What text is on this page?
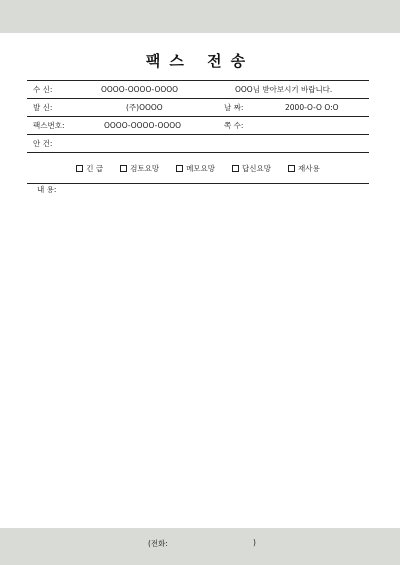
팩스 전송
수 신:	OOOO-OOOO-OOOO	OOO님 받아보시기 바랍니다.
발 신:	(주)OOOO	날 짜:	2000-O-O O:O
팩스번호:	OOOO-OOOO-OOOO	쪽 수:
안 건:
긴 급	검토요망	메모요망	답신요망	재사용
내 용:
(전화:	)
